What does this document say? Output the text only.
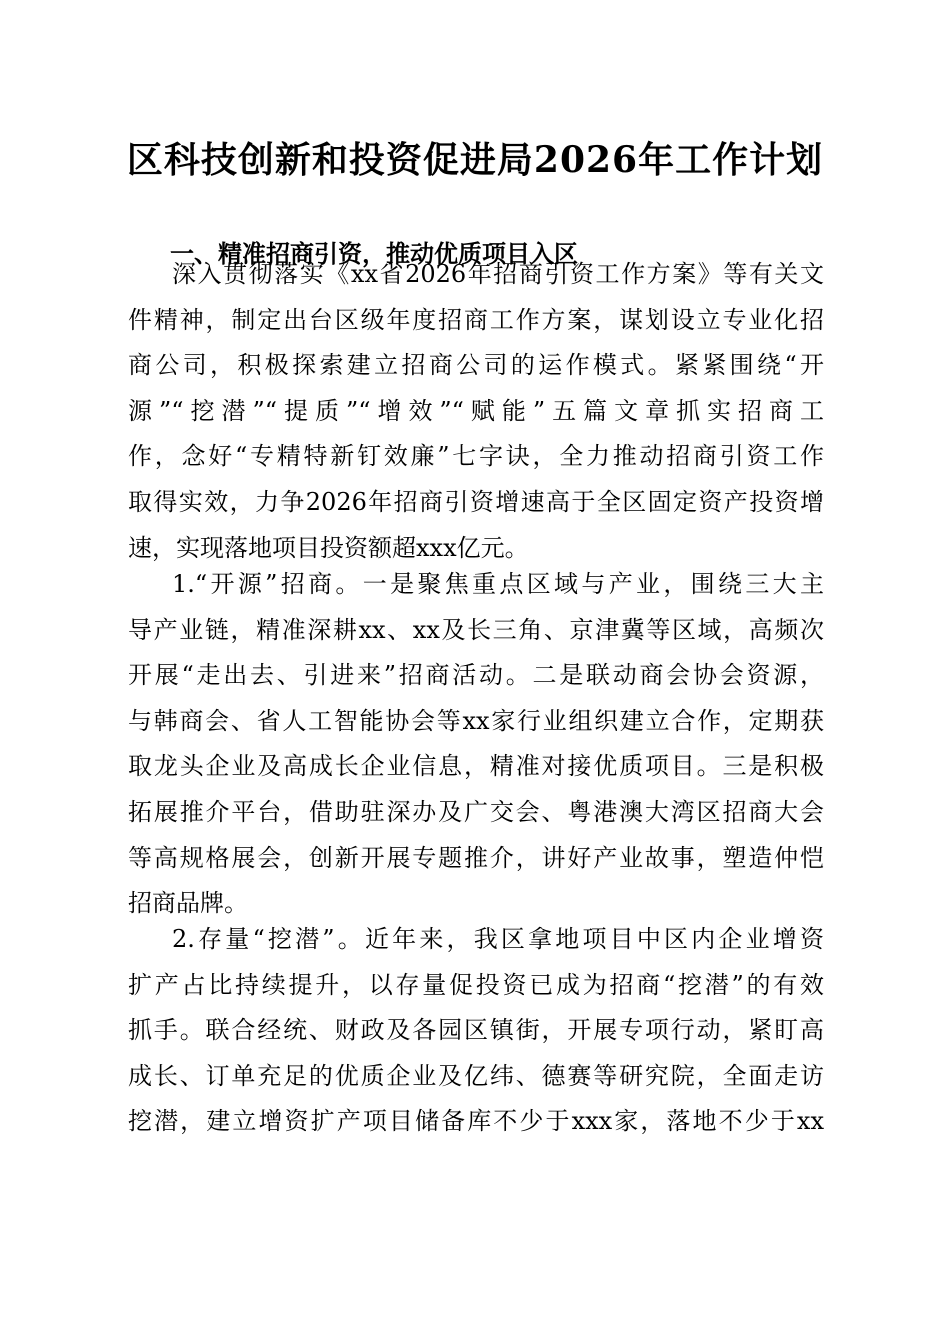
区科技创新和投资促进局2026年工作计划
一、精准招商引资，推动优质项目入区
深入贯彻落实《xx省2026年招商引资工作方案》等有关文
件精神，制定出台区级年度招商工作方案，谋划设立专业化招
商公司，积极探索建立招商公司的运作模式。紧紧围绕“开
源”“挖潜”“提质”“增效”“赋能”五篇文章抓实招商工
作，念好“专精特新钉效廉”七字诀，全力推动招商引资工作
取得实效，力争2026年招商引资增速高于全区固定资产投资增
速，实现落地项目投资额超xxx亿元。
1.“开源”招商。一是聚焦重点区域与产业，围绕三大主
导产业链，精准深耕xx、xx及长三角、京津冀等区域，高频次
开展“走出去、引进来”招商活动。二是联动商会协会资源，
与韩商会、省人工智能协会等xx家行业组织建立合作，定期获
取龙头企业及高成长企业信息，精准对接优质项目。三是积极
拓展推介平台，借助驻深办及广交会、粤港澳大湾区招商大会
等高规格展会，创新开展专题推介，讲好产业故事，塑造仲恺
招商品牌。
2.存量“挖潜”。近年来，我区拿地项目中区内企业增资
扩产占比持续提升，以存量促投资已成为招商“挖潜”的有效
抓手。联合经统、财政及各园区镇街，开展专项行动，紧盯高
成长、订单充足的优质企业及亿纬、德赛等研究院，全面走访
挖潜，建立增资扩产项目储备库不少于xxx家，落地不少于xx
